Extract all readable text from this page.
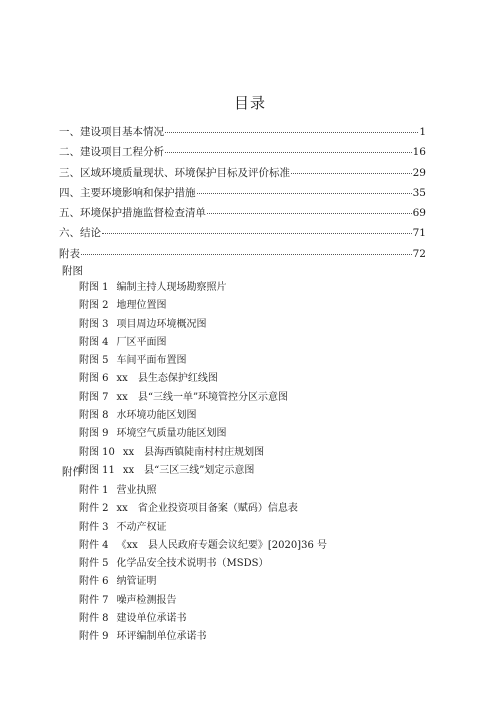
目录
一、建设项目基本情况	1
二、建设项目工程分析	16
三、区域环境质量现状、环境保护目标及评价标准	29
四、主要环境影响和保护措施	35
五、环境保护措施监督检查清单	69
六、结论	71
附表	72
附图
附图 1 编制主持人现场勘察照片
附图 2 地理位置图
附图 3 项目周边环境概况图
附图 4 厂区平面图
附图 5 车间平面布置图
附图 6 xx　县生态保护红线图
附图 7 xx　县“三线一单”环境管控分区示意图
附图 8 水环境功能区划图
附图 9 环境空气质量功能区划图
附图 10 xx　县海西镇陡南村村庄规划图
附图 11 xx　县“三区三线”划定示意图
附件
附件 1 营业执照
附件 2 xx　省企业投资项目备案（赋码）信息表
附件 3 不动产权证
附件 4 《xx　县人民政府专题会议纪要》[2020]36 号
附件 5 化学品安全技术说明书（MSDS）
附件 6 纳管证明
附件 7 噪声检测报告
附件 8 建设单位承诺书
附件 9 环评编制单位承诺书
